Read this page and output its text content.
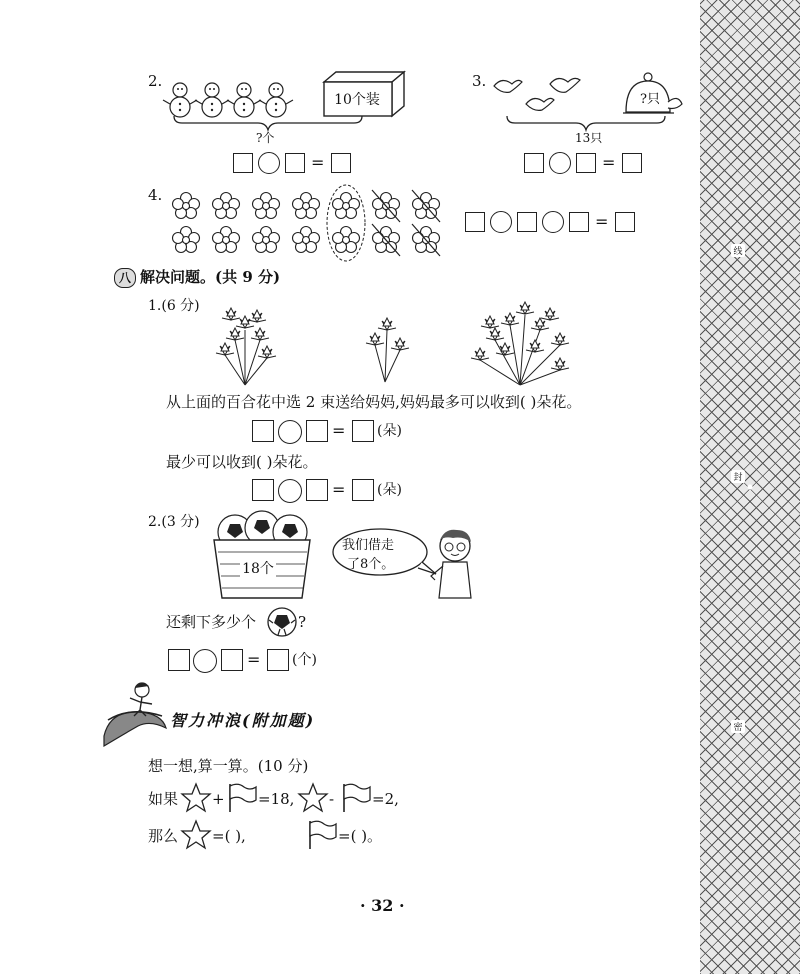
2.
10个装
?个
=
3.
?只
13只
=
4.
=
八 解决问题。(共 9 分)
1.(6 分)
从上面的百合花中选 2 束送给妈妈,妈妈最多可以收到( )朵花。
= (朵)
最少可以收到( )朵花。
= (朵)
2.(3 分)
18个
我们借走
了8个。
还剩下多少个	?
= (个)
智力冲浪(附加题)
想一想,算一算。(10 分)
如果 + =18, -	=2,
那么 =( ),	=( )。
· 32 ·
线
封
密
